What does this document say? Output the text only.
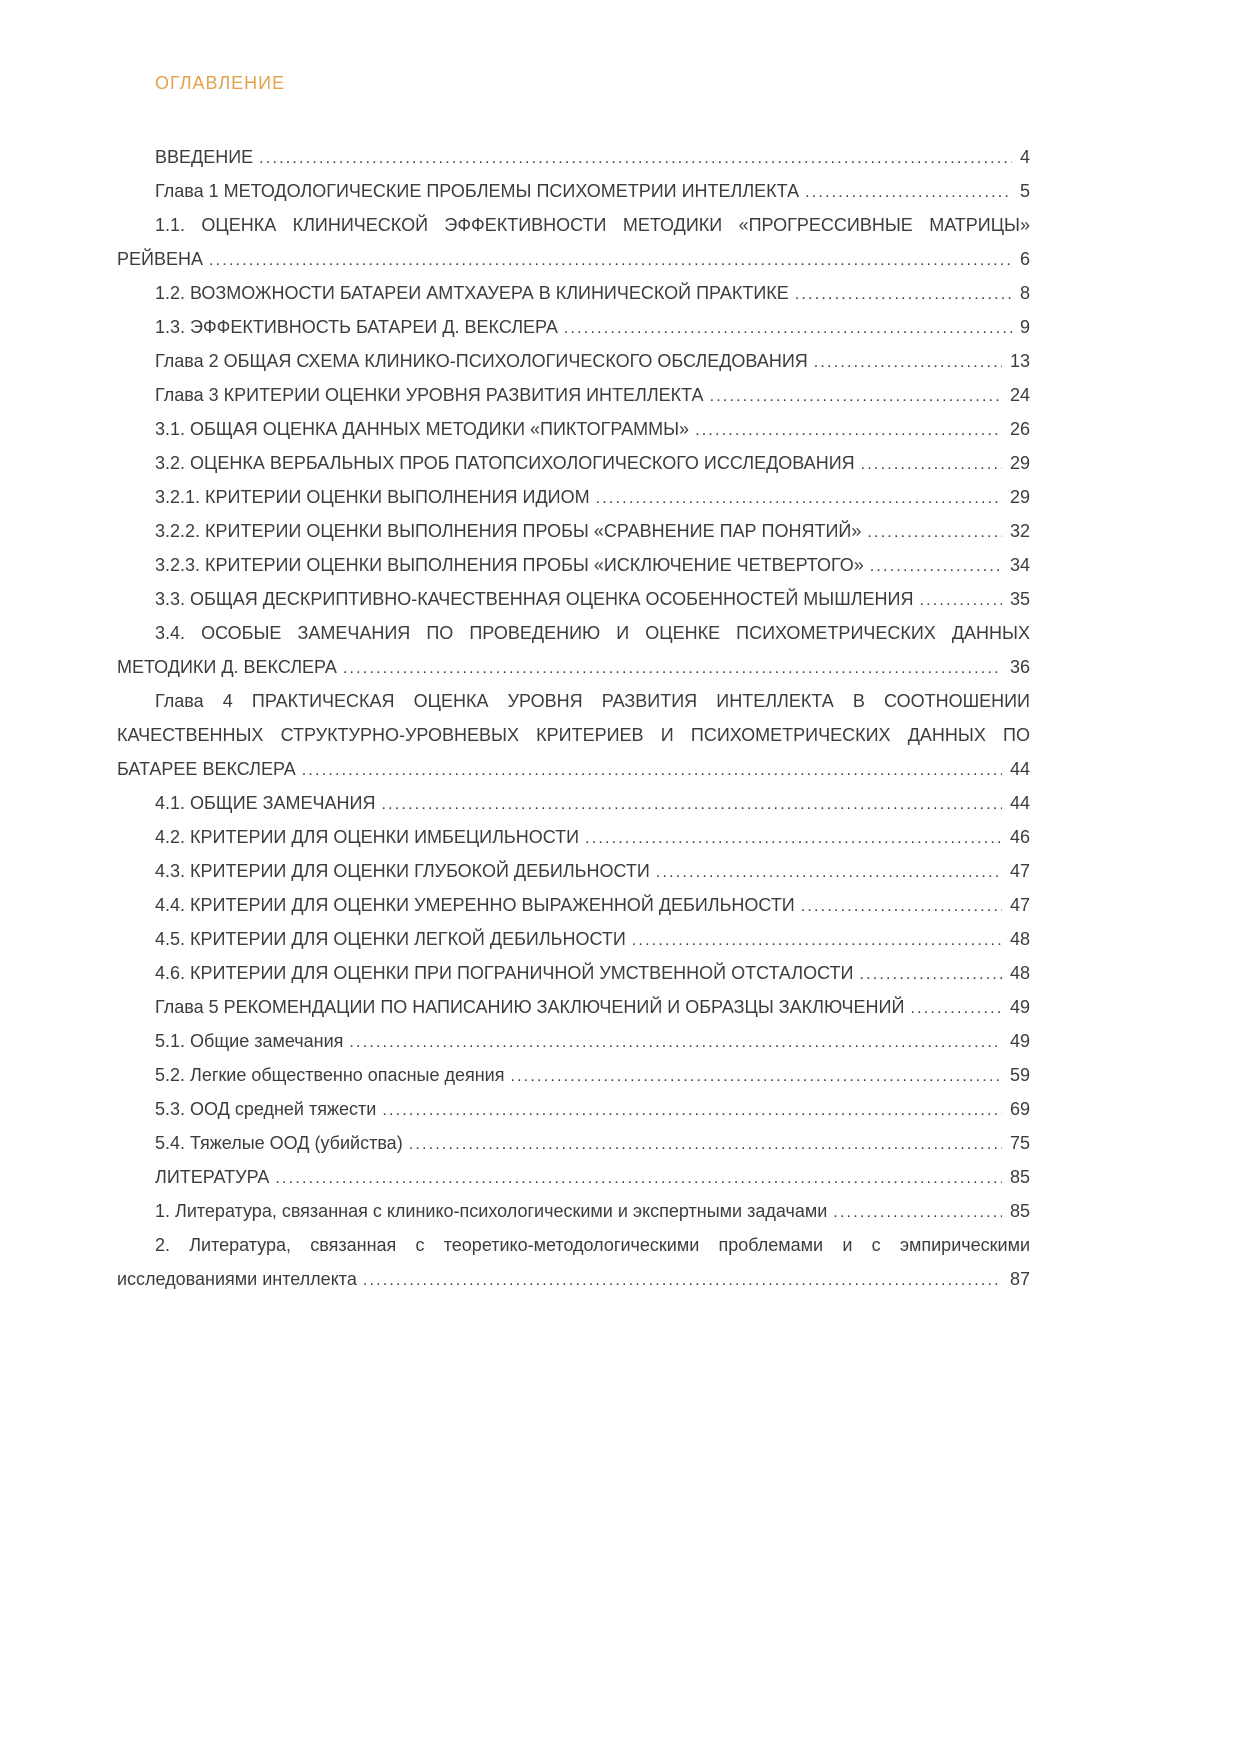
ОГЛАВЛЕНИЕ
ВВЕДЕНИЕ .....	4
Глава 1 МЕТОДОЛОГИЧЕСКИЕ ПРОБЛЕМЫ ПСИХОМЕТРИИ ИНТЕЛЛЕКТА .....	5
1.1. ОЦЕНКА КЛИНИЧЕСКОЙ ЭФФЕКТИВНОСТИ МЕТОДИКИ «ПРОГРЕССИВНЫЕ МАТРИЦЫ»
РЕЙВЕНА .....	6
1.2. ВОЗМОЖНОСТИ БАТАРЕИ АМТХАУЕРА В КЛИНИЧЕСКОЙ ПРАКТИКЕ .....	8
1.3. ЭФФЕКТИВНОСТЬ БАТАРЕИ Д. ВЕКСЛЕРА .....	9
Глава 2 ОБЩАЯ СХЕМА КЛИНИКО-ПСИХОЛОГИЧЕСКОГО ОБСЛЕДОВАНИЯ .....	13
Глава 3 КРИТЕРИИ ОЦЕНКИ УРОВНЯ РАЗВИТИЯ ИНТЕЛЛЕКТА .....	24
3.1. ОБЩАЯ ОЦЕНКА ДАННЫХ МЕТОДИКИ «ПИКТОГРАММЫ» .....	26
3.2. ОЦЕНКА ВЕРБАЛЬНЫХ ПРОБ ПАТОПСИХОЛОГИЧЕСКОГО ИССЛЕДОВАНИЯ .....	29
3.2.1. КРИТЕРИИ ОЦЕНКИ ВЫПОЛНЕНИЯ ИДИОМ .....	29
3.2.2. КРИТЕРИИ ОЦЕНКИ ВЫПОЛНЕНИЯ ПРОБЫ «СРАВНЕНИЕ ПАР ПОНЯТИЙ» .....	32
3.2.3. КРИТЕРИИ ОЦЕНКИ ВЫПОЛНЕНИЯ ПРОБЫ «ИСКЛЮЧЕНИЕ ЧЕТВЕРТОГО» .....	34
3.3. ОБЩАЯ ДЕСКРИПТИВНО-КАЧЕСТВЕННАЯ ОЦЕНКА ОСОБЕННОСТЕЙ МЫШЛЕНИЯ .....	35
3.4. ОСОБЫЕ ЗАМЕЧАНИЯ ПО ПРОВЕДЕНИЮ И ОЦЕНКЕ ПСИХОМЕТРИЧЕСКИХ ДАННЫХ
МЕТОДИКИ Д. ВЕКСЛЕРА .....	36
Глава 4 ПРАКТИЧЕСКАЯ ОЦЕНКА УРОВНЯ РАЗВИТИЯ ИНТЕЛЛЕКТА В СООТНОШЕНИИ
КАЧЕСТВЕННЫХ СТРУКТУРНО-УРОВНЕВЫХ КРИТЕРИЕВ И ПСИХОМЕТРИЧЕСКИХ ДАННЫХ ПО
БАТАРЕЕ ВЕКСЛЕРА .....	44
4.1. ОБЩИЕ ЗАМЕЧАНИЯ .....	44
4.2. КРИТЕРИИ ДЛЯ ОЦЕНКИ ИМБЕЦИЛЬНОСТИ .....	46
4.3. КРИТЕРИИ ДЛЯ ОЦЕНКИ ГЛУБОКОЙ ДЕБИЛЬНОСТИ .....	47
4.4. КРИТЕРИИ ДЛЯ ОЦЕНКИ УМЕРЕННО ВЫРАЖЕННОЙ ДЕБИЛЬНОСТИ .....	47
4.5. КРИТЕРИИ ДЛЯ ОЦЕНКИ ЛЕГКОЙ ДЕБИЛЬНОСТИ .....	48
4.6. КРИТЕРИИ ДЛЯ ОЦЕНКИ ПРИ ПОГРАНИЧНОЙ УМСТВЕННОЙ ОТСТАЛОСТИ .....	48
Глава 5 РЕКОМЕНДАЦИИ ПО НАПИСАНИЮ ЗАКЛЮЧЕНИЙ И ОБРАЗЦЫ ЗАКЛЮЧЕНИЙ .....	49
5.1. Общие замечания .....	49
5.2. Легкие общественно опасные деяния .....	59
5.3. ООД средней тяжести .....	69
5.4. Тяжелые ООД (убийства) .....	75
ЛИТЕРАТУРА .....	85
1. Литература, связанная с клинико-психологическими и экспертными задачами .....	85
2. Литература, связанная с теоретико-методологическими проблемами и с эмпирическими
исследованиями интеллекта .....	87
